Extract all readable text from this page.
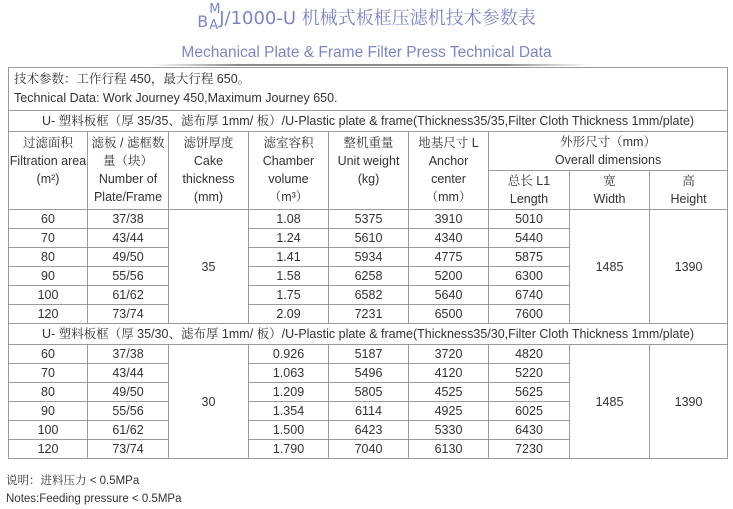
B
M
A J/1000-U 机械式板框压滤机技术参数表
Mechanical Plate & Frame Filter Press Technical Data
技术参数：工作行程 450，最大行程 650。
Technical Data: Work Journey 450,Maximum Journey 650.								

U- 塑料板框（厚 35/35、滤布厚 1mm/ 板）/U-Plastic plate & frame(Thickness35/35,Filter Cloth Thickness 1mm/plate)								

过滤面积
Filtration area
(m²)

滤板 / 滤框数
量（块）
Number of
Plate/Frame

滤饼厚度
Cake
thickness
(mm)

滤室容积
Chamber
volume
（m³）

整机重量
Unit weight
(kg)

地基尺寸 L
Anchor
center
（mm）

外形尺寸（mm）
Overall dimensions

总长 L1
Length

宽
Width

高
Height

60	37/38	35	1.08	5375	3910	5010	1485	1390
70	43/44		1.24	5610	4340	5440		
80	49/50		1.41	5934	4775	5875		
90	55/56		1.58	6258	5200	6300		
100	61/62		1.75	6582	5640	6740		
120	73/74		2.09	7231	6500	7600		
U- 塑料板框（厚 35/30、滤布厚 1mm/ 板）/U-Plastic plate & frame(Thickness35/30,Filter Cloth Thickness 1mm/plate)								
60	37/38	30	0.926	5187	3720	4820	1485	1390
70	43/44		1.063	5496	4120	5220		
80	49/50		1.209	5805	4525	5625		
90	55/56		1.354	6114	4925	6025		
100	61/62		1.500	6423	5330	6430		
120	73/74		1.790	7040	6130	7230		
说明：进料压力 < 0.5MPa
Notes:Feeding pressure < 0.5MPa
